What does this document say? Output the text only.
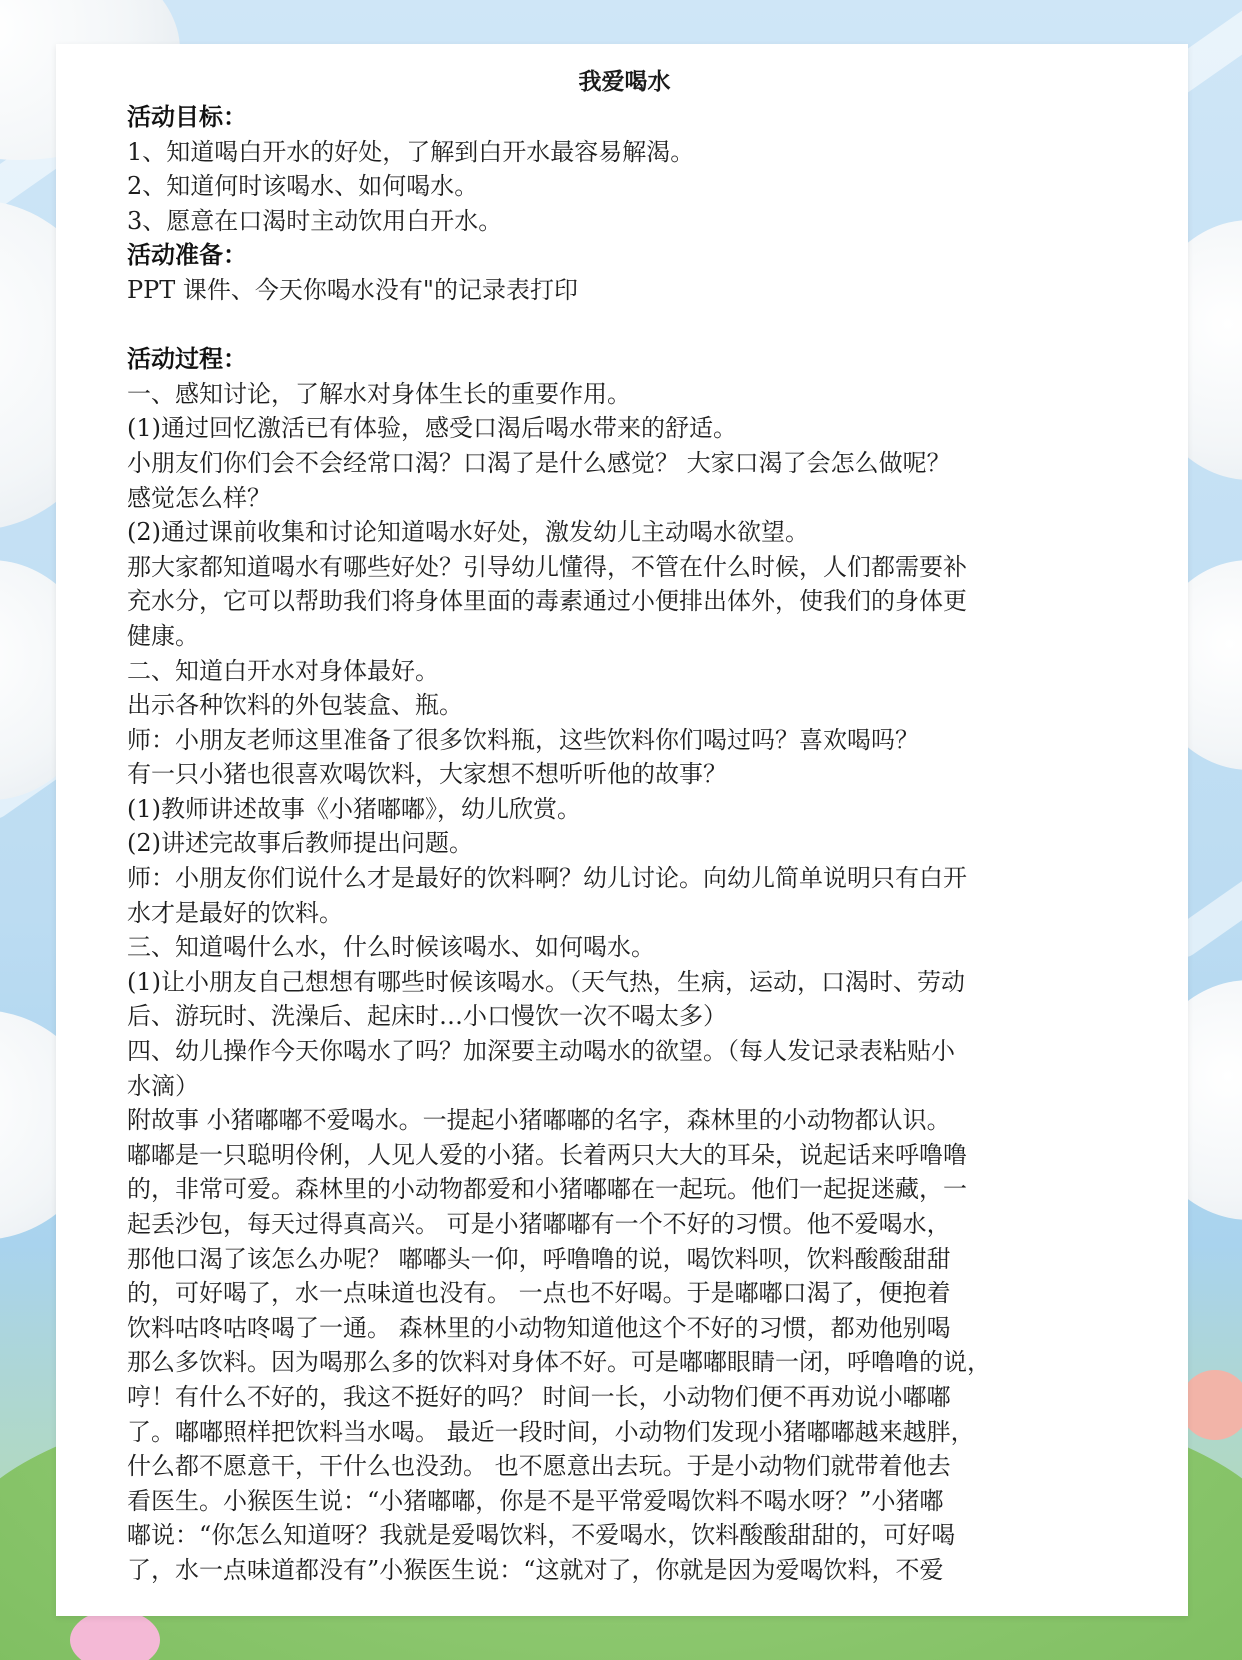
我爱喝水
活动目标：
1、知道喝白开水的好处，了解到白开水最容易解渴。
2、知道何时该喝水、如何喝水。
3、愿意在口渴时主动饮用白开水。
活动准备：
PPT 课件、今天你喝水没有"的记录表打印
活动过程：
一、感知讨论，了解水对身体生长的重要作用。
(1)通过回忆激活已有体验，感受口渴后喝水带来的舒适。
小朋友们你们会不会经常口渴？口渴了是什么感觉？ 大家口渴了会怎么做呢？
感觉怎么样？
(2)通过课前收集和讨论知道喝水好处，激发幼儿主动喝水欲望。
那大家都知道喝水有哪些好处？引导幼儿懂得，不管在什么时候，人们都需要补
充水分，它可以帮助我们将身体里面的毒素通过小便排出体外，使我们的身体更
健康。
二、知道白开水对身体最好。
出示各种饮料的外包装盒、瓶。
师：小朋友老师这里准备了很多饮料瓶，这些饮料你们喝过吗？喜欢喝吗？
有一只小猪也很喜欢喝饮料，大家想不想听听他的故事？
(1)教师讲述故事《小猪嘟嘟》，幼儿欣赏。
(2)讲述完故事后教师提出问题。
师：小朋友你们说什么才是最好的饮料啊？幼儿讨论。向幼儿简单说明只有白开
水才是最好的饮料。
三、知道喝什么水，什么时候该喝水、如何喝水。
(1)让小朋友自己想想有哪些时候该喝水。（天气热，生病，运动，口渴时、劳动
后、游玩时、洗澡后、起床时…小口慢饮一次不喝太多）
四、幼儿操作今天你喝水了吗？加深要主动喝水的欲望。（每人发记录表粘贴小
水滴）
附故事 小猪嘟嘟不爱喝水。一提起小猪嘟嘟的名字，森林里的小动物都认识。
嘟嘟是一只聪明伶俐，人见人爱的小猪。长着两只大大的耳朵，说起话来呼噜噜
的，非常可爱。森林里的小动物都爱和小猪嘟嘟在一起玩。他们一起捉迷藏，一
起丢沙包，每天过得真高兴。 可是小猪嘟嘟有一个不好的习惯。他不爱喝水，
那他口渴了该怎么办呢？ 嘟嘟头一仰，呼噜噜的说，喝饮料呗，饮料酸酸甜甜
的，可好喝了，水一点味道也没有。 一点也不好喝。于是嘟嘟口渴了，便抱着
饮料咕咚咕咚喝了一通。 森林里的小动物知道他这个不好的习惯，都劝他别喝
那么多饮料。因为喝那么多的饮料对身体不好。可是嘟嘟眼睛一闭，呼噜噜的说，
哼！有什么不好的，我这不挺好的吗？ 时间一长，小动物们便不再劝说小嘟嘟
了。嘟嘟照样把饮料当水喝。 最近一段时间，小动物们发现小猪嘟嘟越来越胖，
什么都不愿意干，干什么也没劲。 也不愿意出去玩。于是小动物们就带着他去
看医生。小猴医生说：“小猪嘟嘟，你是不是平常爱喝饮料不喝水呀？”小猪嘟
嘟说：“你怎么知道呀？我就是爱喝饮料，不爱喝水，饮料酸酸甜甜的，可好喝
了，水一点味道都没有”小猴医生说：“这就对了，你就是因为爱喝饮料，不爱
